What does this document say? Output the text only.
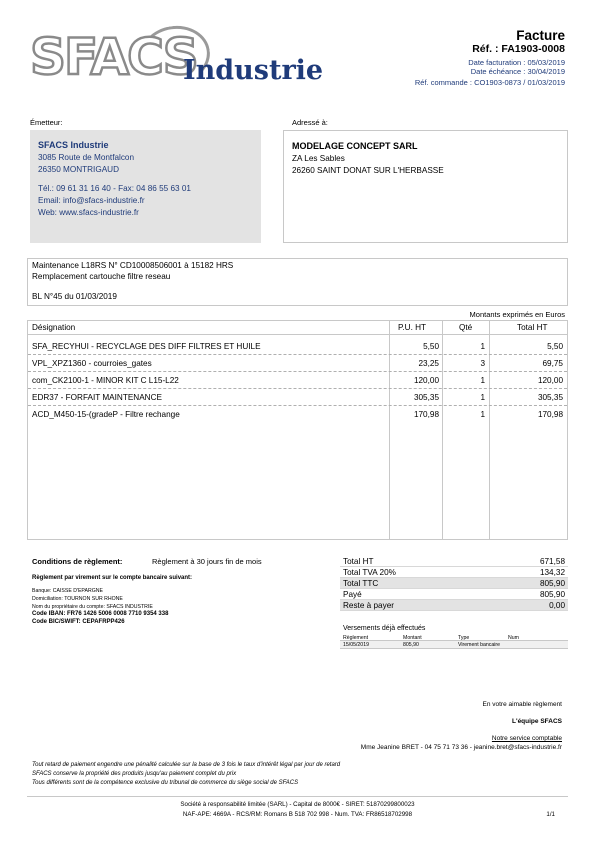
SFACS
Industrie
Facture
Réf. : FA1903-0008
Date facturation : 05/03/2019
Date échéance : 30/04/2019
Réf. commande : CO1903-0873 / 01/03/2019
Émetteur:
SFACS Industrie
3085 Route de Montfalcon
26350 MONTRIGAUD
Tél.: 09 61 31 16 40 - Fax: 04 86 55 63 01
Email: info@sfacs-industrie.fr
Web: www.sfacs-industrie.fr
Adressé à:
MODELAGE CONCEPT SARL
ZA Les Sables
26260 SAINT DONAT SUR L'HERBASSE
Maintenance L18RS N° CD10008506001 à 15182 HRS
Remplacement cartouche filtre reseau
BL N°45 du 01/03/2019
Montants exprimés en Euros
Désignation	P.U. HT	Qté	Total HT
SFA_RECYHUI - RECYCLAGE DES DIFF FILTRES ET HUILE	5,50	1	5,50
VPL_XPZ1360 - courroies_gates	23,25	3	69,75
com_CK2100-1 - MINOR KIT C L15-L22	120,00	1	120,00
EDR37 - FORFAIT MAINTENANCE	305,35	1	305,35
ACD_M450-15-(gradeP - Filtre rechange	170,98	1	170,98
Conditions de règlement:	Règlement à 30 jours fin de mois
Règlement par virement sur le compte bancaire suivant:
Banque: CAISSE D'EPARGNE
Domiciliation: TOURNON SUR RHONE
Nom du propriétaire du compte: SFACS INDUSTRIE
Code IBAN: FR76 1426 5006 0008 7710 9354 338
Code BIC/SWIFT: CEPAFRPP426
Total HT	671,58
Total TVA 20%	134,32
Total TTC	805,90
Payé	805,90
Reste à payer	0,00
Versements déjà effectués
Règlement	Montant	Type	Num
15/05/2019	805,90	Virement bancaire
En votre aimable règlement
L'équipe SFACS
Notre service comptable
Mme Jeanine BRET - 04 75 71 73 36 - jeanine.bret@sfacs-industrie.fr
Tout retard de paiement engendre une pénalité calculée sur la base de 3 fois le taux d'intérêt légal par jour de retard
SFACS conserve la propriété des produits jusqu'au paiement complet du prix
Tous différents sont de la compétence exclusive du tribunal de commerce du siège social de SFACS
Société à responsabilité limitée (SARL) - Capital de 8000€ - SIRET: 51870299800023
NAF-APE: 4669A - RCS/RM: Romans B 518 702 998 - Num. TVA: FR86518702998	1/1
